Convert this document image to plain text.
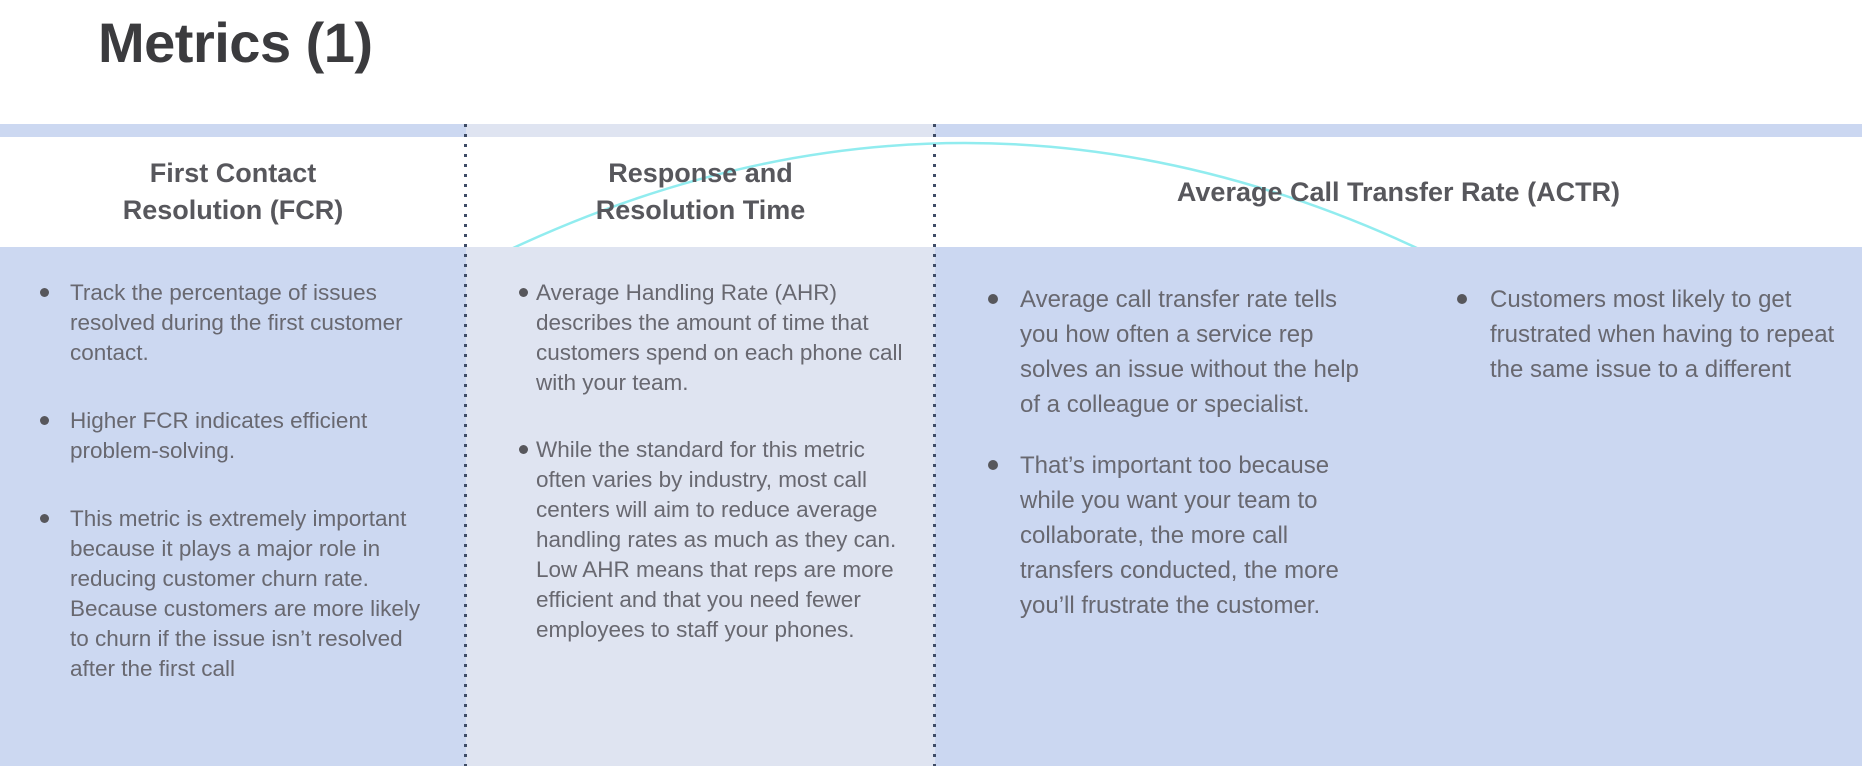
Metrics (1)
First Contact
Resolution (FCR)
Response and
Resolution Time
Average Call Transfer Rate (ACTR)
Track the percentage of issues resolved during the first customer contact.
Higher FCR indicates efficient problem-solving.
This metric is extremely important because it plays a major role in reducing customer churn rate. Because customers are more likely to churn if the issue isn’t resolved after the first call
Average Handling Rate (AHR) describes the amount of time that customers spend on each phone call with your team.
While the standard for this metric often varies by industry, most call centers will aim to reduce average handling rates as much as they can. Low AHR means that reps are more efficient and that you need fewer employees to staff your phones.
Average call transfer rate tells you how often a service rep solves an issue without the help of a colleague or specialist.
That’s important too because while you want your team to collaborate, the more call transfers conducted, the more you’ll frustrate the customer.
Customers most likely to get frustrated when having to repeat the same issue to a different
